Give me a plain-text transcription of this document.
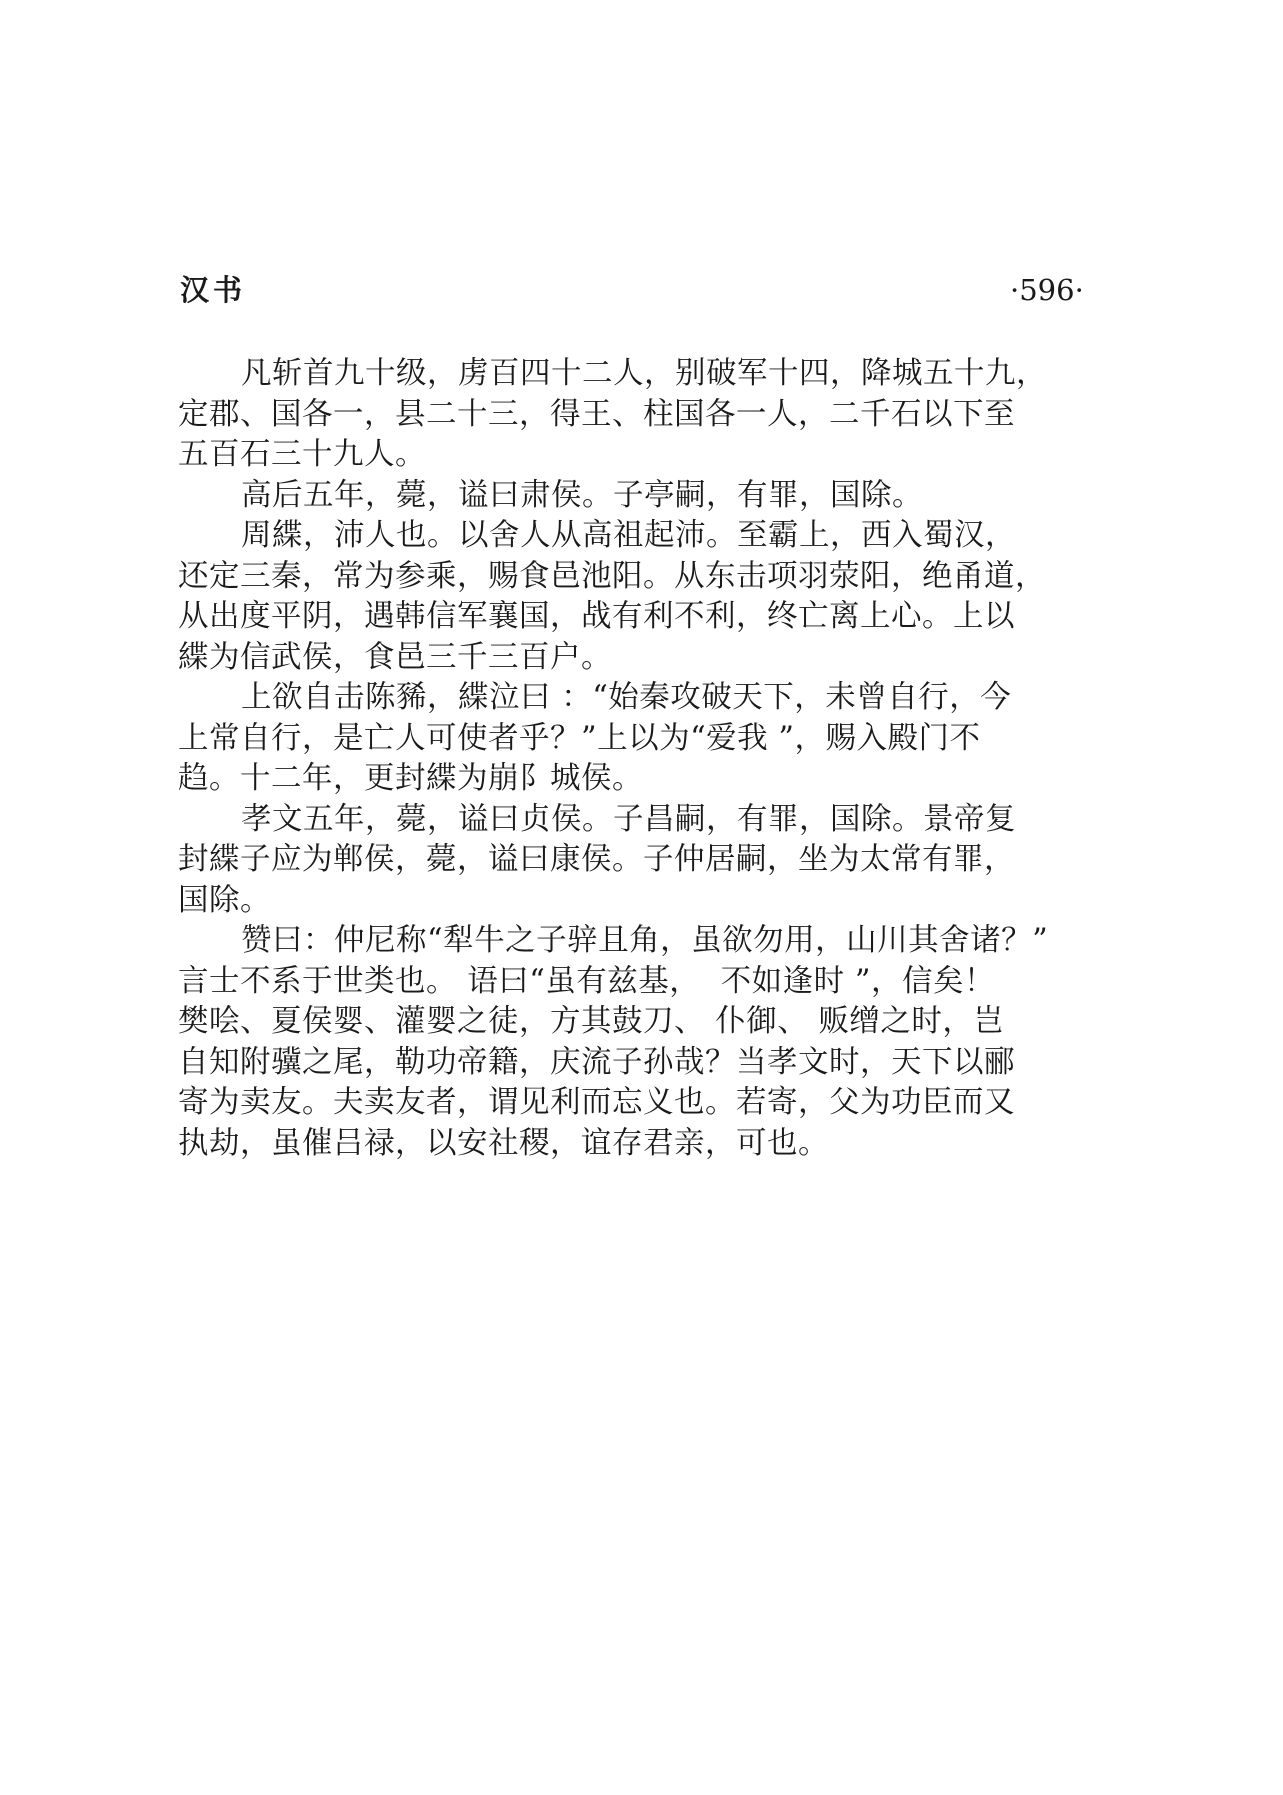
汉书	·596·
凡斩首九十级，虏百四十二人，别破军十四，降城五十九，
定郡、国各一，县二十三，得王、柱国各一人，二千石以下至
五百石三十九人。
高后五年，薨，谥曰肃侯。子亭嗣，有罪，国除。
周緤，沛人也。以舍人从高祖起沛。至霸上，西入蜀汉，
还定三秦，常为参乘，赐食邑池阳。从东击项羽荥阳，绝甬道，
从出度平阴，遇韩信军襄国，战有利不利，终亡离上心。上以
緤为信武侯，食邑三千三百户。
上欲自击陈豨，緤泣曰 ：“始秦攻破天下，未曾自行，今
上常自行，是亡人可使者乎？”上以为“爱我 ”，赐入殿门不
趋。十二年，更封緤为崩阝城侯。
孝文五年，薨，谥曰贞侯。子昌嗣，有罪，国除。景帝复
封緤子应为郸侯，薨，谥曰康侯。子仲居嗣，坐为太常有罪，
国除。
赞曰：仲尼称“犁牛之子骍且角，虽欲勿用，山川其舍诸？”
言士不系于世类也。 语曰“虽有兹基，  不如逢时 ”，信矣！
樊哙、夏侯婴、灌婴之徒，方其鼓刀、 仆御、 贩缯之时，岂
自知附骥之尾，勒功帝籍，庆流子孙哉？当孝文时，天下以郦
寄为卖友。夫卖友者，谓见利而忘义也。若寄，父为功臣而又
执劫，虽催吕禄，以安社稷，谊存君亲，可也。
